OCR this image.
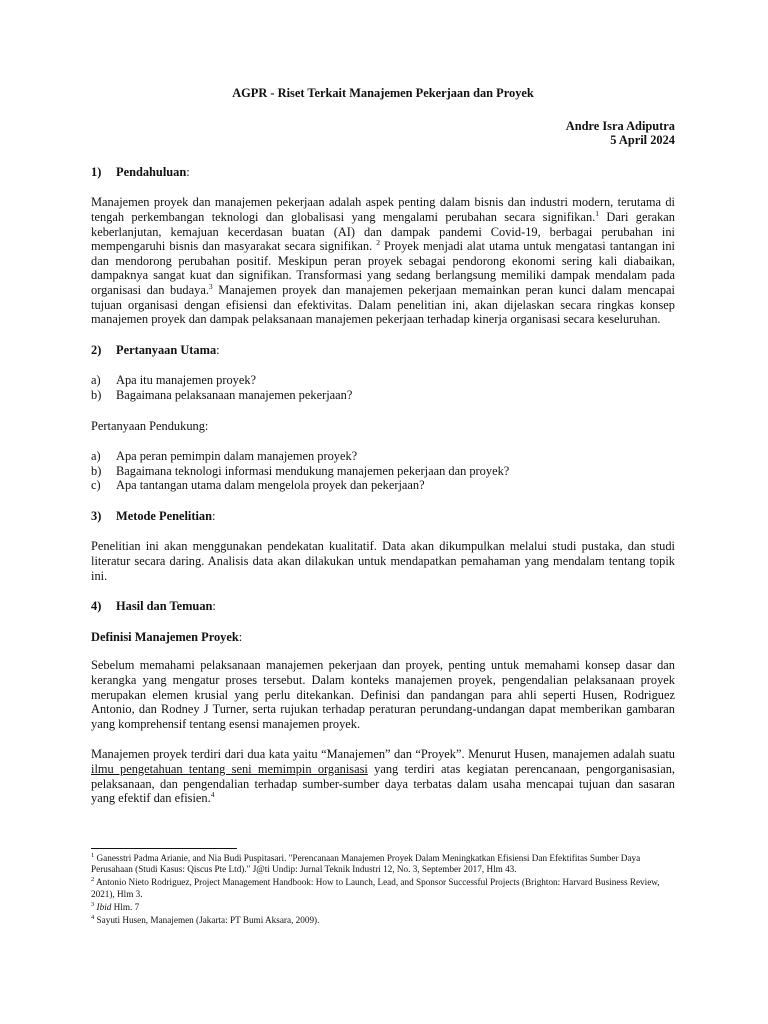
AGPR - Riset Terkait Manajemen Pekerjaan dan Proyek
Andre Isra Adiputra
5 April 2024
1)	Pendahuluan:

Manajemen proyek dan manajemen pekerjaan adalah aspek penting dalam bisnis dan industri modern, terutama di tengah perkembangan teknologi dan globalisasi yang mengalami perubahan secara signifikan.$^1$ Dari gerakan keberlanjutan, kemajuan kecerdasan buatan (AI) dan dampak pandemi Covid-19, berbagai perubahan ini mempengaruhi bisnis dan masyarakat secara signifikan. $^2$ Proyek menjadi alat utama untuk mengatasi tantangan ini dan mendorong perubahan positif. Meskipun peran proyek sebagai pendorong ekonomi sering kali diabaikan, dampaknya sangat kuat dan signifikan. Transformasi yang sedang berlangsung memiliki dampak mendalam pada organisasi dan budaya.$^3$ Manajemen proyek dan manajemen pekerjaan memainkan peran kunci dalam mencapai tujuan organisasi dengan efisiensi dan efektivitas. Dalam penelitian ini, akan dijelaskan secara ringkas konsep manajemen proyek dan dampak pelaksanaan manajemen pekerjaan terhadap kinerja organisasi secara keseluruhan.

2)	Pertanyaan Utama:
a)	Apa itu manajemen proyek?
b)	Bagaimana pelaksanaan manajemen pekerjaan?

Pertanyaan Pendukung:

a)	Apa peran pemimpin dalam manajemen proyek?
b)	Bagaimana teknologi informasi mendukung manajemen pekerjaan dan proyek?
c)	Apa tantangan utama dalam mengelola proyek dan pekerjaan?
3)	Metode Penelitian:

Penelitian ini akan menggunakan pendekatan kualitatif. Data akan dikumpulkan melalui studi pustaka, dan studi literatur secara daring. Analisis data akan dilakukan untuk mendapatkan pemahaman yang mendalam tentang topik ini.

4)	Hasil dan Temuan:
Definisi Manajemen Proyek:

Sebelum memahami pelaksanaan manajemen pekerjaan dan proyek, penting untuk memahami konsep dasar dan kerangka yang mengatur proses tersebut. Dalam konteks manajemen proyek, pengendalian pelaksanaan proyek merupakan elemen krusial yang perlu ditekankan. Definisi dan pandangan para ahli seperti Husen, Rodriguez Antonio, dan Rodney J Turner, serta rujukan terhadap peraturan perundang-undangan dapat memberikan gambaran yang komprehensif tentang esensi manajemen proyek.

Manajemen proyek terdiri dari dua kata yaitu “Manajemen” dan “Proyek”. Menurut Husen, manajemen adalah suatu ilmu pengetahuan tentang seni memimpin organisasi yang terdiri atas kegiatan perencanaan, pengorganisasian, pelaksanaan, dan pengendalian terhadap sumber-sumber daya terbatas dalam usaha mencapai tujuan dan sasaran yang efektif dan efisien.$^4$

$^1$ Ganesstri Padma Arianie, and Nia Budi Puspitasari. "Perencanaan Manajemen Proyek Dalam Meningkatkan Efisiensi Dan Efektifitas Sumber Daya Perusahaan (Studi Kasus: Qiscus Pte Ltd)." J@ti Undip: Jurnal Teknik Industri 12, No. 3, September 2017, Hlm 43.
$^2$ Antonio Nieto Rodriguez, Project Management Handbook: How to Launch, Lead, and Sponsor Successful Projects (Brighton: Harvard Business Review, 2021), Hlm 3.
$^3$ Ibid Hlm. 7
$^4$ Sayuti Husen, Manajemen (Jakarta: PT Bumi Aksara, 2009).
